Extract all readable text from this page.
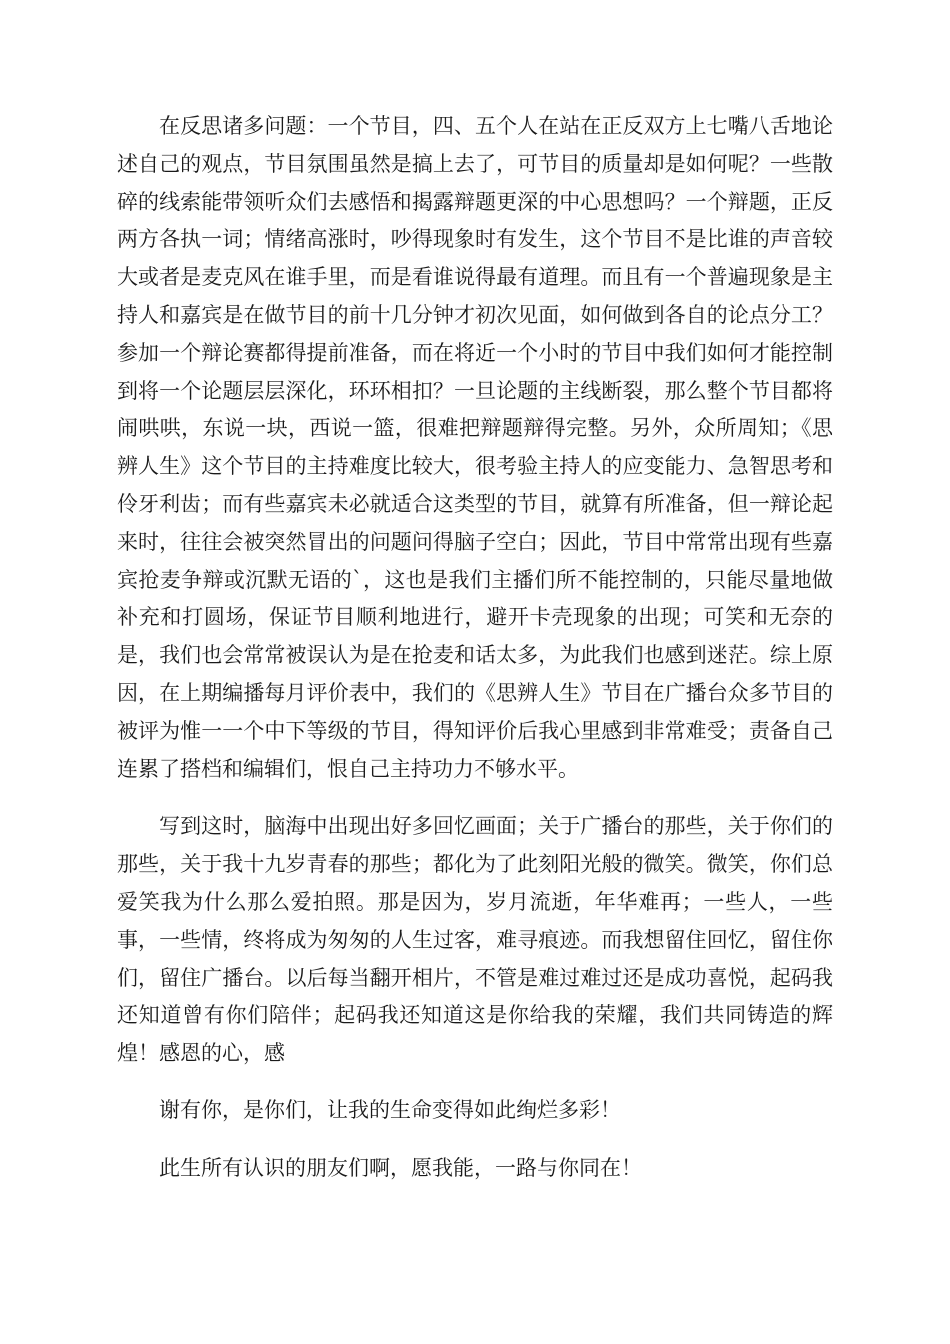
在反思诸多问题：一个节目，四、五个人在站在正反双方上七嘴八舌地论述自己的观点，节目氛围虽然是搞上去了，可节目的质量却是如何呢？一些散碎的线索能带领听众们去感悟和揭露辩题更深的中心思想吗？一个辩题，正反两方各执一词；情绪高涨时，吵得现象时有发生，这个节目不是比谁的声音较大或者是麦克风在谁手里，而是看谁说得最有道理。而且有一个普遍现象是主持人和嘉宾是在做节目的前十几分钟才初次见面，如何做到各自的论点分工？参加一个辩论赛都得提前准备，而在将近一个小时的节目中我们如何才能控制到将一个论题层层深化，环环相扣？一旦论题的主线断裂，那么整个节目都将闹哄哄，东说一块，西说一篮，很难把辩题辩得完整。另外，众所周知；《思辨人生》这个节目的主持难度比较大，很考验主持人的应变能力、急智思考和伶牙利齿；而有些嘉宾未必就适合这类型的节目，就算有所准备，但一辩论起来时，往往会被突然冒出的问题问得脑子空白；因此，节目中常常出现有些嘉宾抢麦争辩或沉默无语的`，这也是我们主播们所不能控制的，只能尽量地做补充和打圆场，保证节目顺利地进行，避开卡壳现象的出现；可笑和无奈的是，我们也会常常被误认为是在抢麦和话太多，为此我们也感到迷茫。综上原因，在上期编播每月评价表中，我们的《思辨人生》节目在广播台众多节目的被评为惟一一个中下等级的节目，得知评价后我心里感到非常难受；责备自己连累了搭档和编辑们，恨自己主持功力不够水平。

写到这时，脑海中出现出好多回忆画面；关于广播台的那些，关于你们的那些，关于我十九岁青春的那些；都化为了此刻阳光般的微笑。微笑，你们总爱笑我为什么那么爱拍照。那是因为，岁月流逝，年华难再；一些人，一些事，一些情，终将成为匆匆的人生过客，难寻痕迹。而我想留住回忆，留住你们，留住广播台。以后每当翻开相片，不管是难过难过还是成功喜悦，起码我还知道曾有你们陪伴；起码我还知道这是你给我的荣耀，我们共同铸造的辉煌！感恩的心，感

谢有你，是你们，让我的生命变得如此绚烂多彩！

此生所有认识的朋友们啊，愿我能，一路与你同在！
